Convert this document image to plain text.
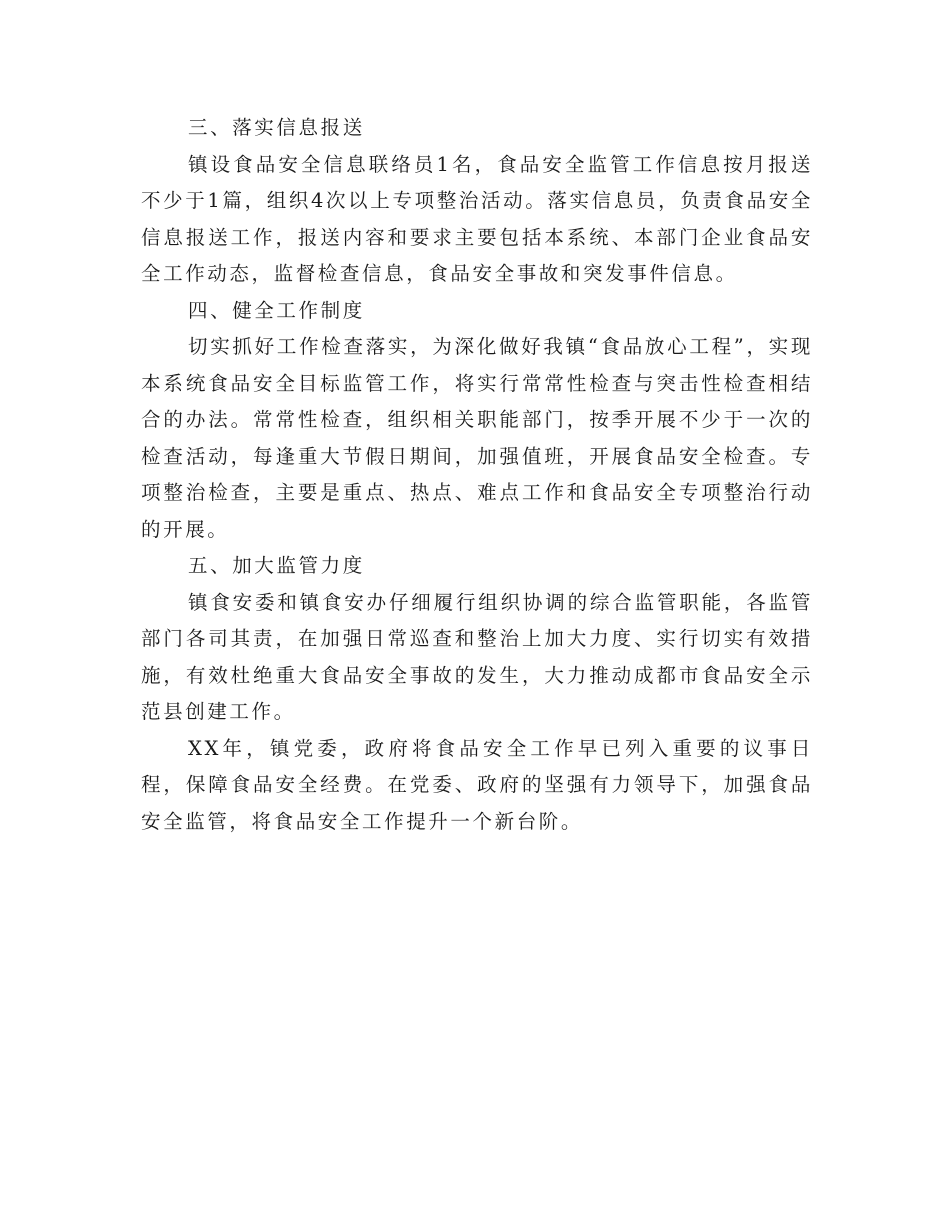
三、落实信息报送

镇设食品安全信息联络员1名，食品安全监管工作信息按月报送不少于1篇，组织4次以上专项整治活动。落实信息员，负责食品安全信息报送工作，报送内容和要求主要包括本系统、本部门企业食品安全工作动态，监督检查信息，食品安全事故和突发事件信息。

四、健全工作制度

切实抓好工作检查落实，为深化做好我镇“食品放心工程”，实现本系统食品安全目标监管工作，将实行常常性检查与突击性检查相结合的办法。常常性检查，组织相关职能部门，按季开展不少于一次的检查活动，每逢重大节假日期间，加强值班，开展食品安全检查。专项整治检查，主要是重点、热点、难点工作和食品安全专项整治行动的开展。

五、加大监管力度

镇食安委和镇食安办仔细履行组织协调的综合监管职能，各监管部门各司其责，在加强日常巡查和整治上加大力度、实行切实有效措施，有效杜绝重大食品安全事故的发生，大力推动成都市食品安全示范县创建工作。

XX年，镇党委，政府将食品安全工作早已列入重要的议事日程，保障食品安全经费。在党委、政府的坚强有力领导下，加强食品安全监管，将食品安全工作提升一个新台阶。
